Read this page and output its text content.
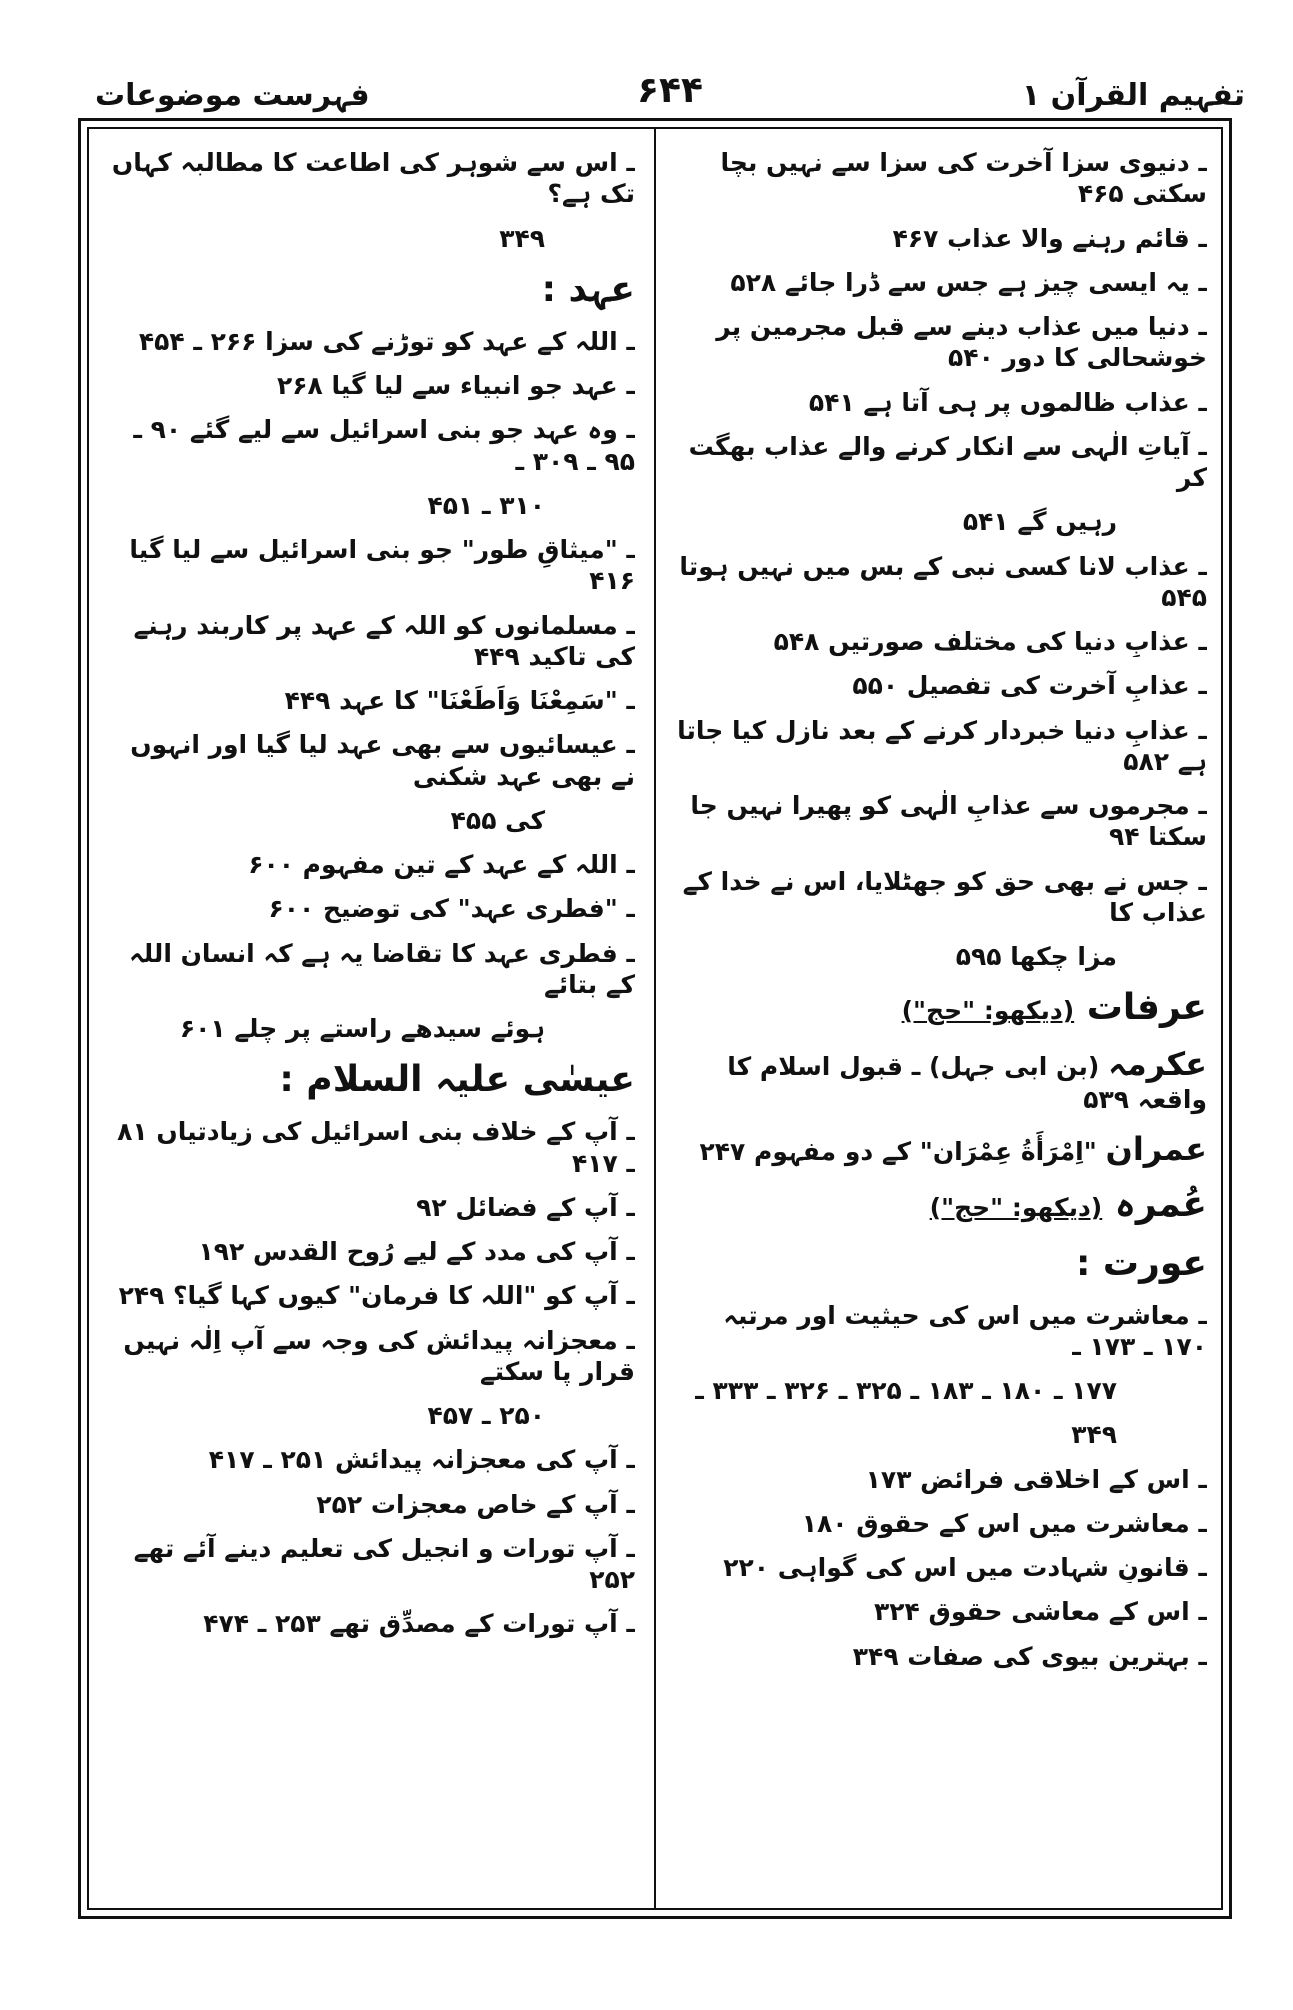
تفہیم القرآن ۱
۶۴۴
فہرست موضوعات
ـ دنیوی سزا آخرت کی سزا سے نہیں بچا سکتی ۴۶۵
ـ قائم رہنے والا عذاب ۴۶۷
ـ یہ ایسی چیز ہے جس سے ڈرا جائے ۵۲۸
ـ دنیا میں عذاب دینے سے قبل مجرمین پر خوشحالی کا دور ۵۴۰
ـ عذاب ظالموں پر ہی آتا ہے ۵۴۱
ـ آیاتِ الٰہی سے انکار کرنے والے عذاب بھگت کر
رہیں گے ۵۴۱
ـ عذاب لانا کسی نبی کے بس میں نہیں ہوتا ۵۴۵
ـ عذابِ دنیا کی مختلف صورتیں ۵۴۸
ـ عذابِ آخرت کی تفصیل ۵۵۰
ـ عذابِ دنیا خبردار کرنے کے بعد نازل کیا جاتا ہے ۵۸۲
ـ مجرموں سے عذابِ الٰہی کو پھیرا نہیں جا سکتا ۹۴
ـ جس نے بھی حق کو جھٹلایا، اس نے خدا کے عذاب کا
مزا چکھا ۵۹۵
عرفات (دیکھو: "حج")
عکرمہ (بن ابی جہل) ـ قبول اسلام کا واقعہ ۵۳۹
عمران "اِمْرَأَةُ عِمْرَان" کے دو مفہوم ۲۴۷
عُمرہ (دیکھو: "حج")
عورت :
ـ معاشرت میں اس کی حیثیت اور مرتبہ ۱۷۰ ـ ۱۷۳ ـ
۱۷۷ ـ ۱۸۰ ـ ۱۸۳ ـ ۳۲۵ ـ ۳۲۶ ـ ۳۳۳ ـ
۳۴۹
ـ اس کے اخلاقی فرائض ۱۷۳
ـ معاشرت میں اس کے حقوق ۱۸۰
ـ قانونِ شہادت میں اس کی گواہی ۲۲۰
ـ اس کے معاشی حقوق ۳۲۴
ـ بہترین بیوی کی صفات ۳۴۹
ـ اس سے شوہر کی اطاعت کا مطالبہ کہاں تک ہے؟
۳۴۹
عہد :
ـ اللہ کے عہد کو توڑنے کی سزا ۲۶۶ ـ ۴۵۴
ـ عہد جو انبیاء سے لیا گیا ۲۶۸
ـ وہ عہد جو بنی اسرائیل سے لیے گئے ۹۰ ـ ۹۵ ـ ۳۰۹ ـ
۳۱۰ ـ ۴۵۱
ـ "میثاقِ طور" جو بنی اسرائیل سے لیا گیا ۴۱۶
ـ مسلمانوں کو اللہ کے عہد پر کاربند رہنے کی تاکید ۴۴۹
ـ "سَمِعْنَا وَاَطَعْنَا" کا عہد ۴۴۹
ـ عیسائیوں سے بھی عہد لیا گیا اور انہوں نے بھی عہد شکنی
کی ۴۵۵
ـ اللہ کے عہد کے تین مفہوم ۶۰۰
ـ "فطری عہد" کی توضیح ۶۰۰
ـ فطری عہد کا تقاضا یہ ہے کہ انسان اللہ کے بتائے
ہوئے سیدھے راستے پر چلے ۶۰۱
عیسٰی علیہ السلام :
ـ آپ کے خلاف بنی اسرائیل کی زیادتیاں ۸۱ ـ ۴۱۷
ـ آپ کے فضائل ۹۲
ـ آپ کی مدد کے لیے رُوح القدس ۱۹۲
ـ آپ کو "اللہ کا فرمان" کیوں کہا گیا؟ ۲۴۹
ـ معجزانہ پیدائش کی وجہ سے آپ اِلٰہ نہیں قرار پا سکتے
۲۵۰ ـ ۴۵۷
ـ آپ کی معجزانہ پیدائش ۲۵۱ ـ ۴۱۷
ـ آپ کے خاص معجزات ۲۵۲
ـ آپ تورات و انجیل کی تعلیم دینے آئے تھے ۲۵۲
ـ آپ تورات کے مصدِّق تھے ۲۵۳ ـ ۴۷۴
